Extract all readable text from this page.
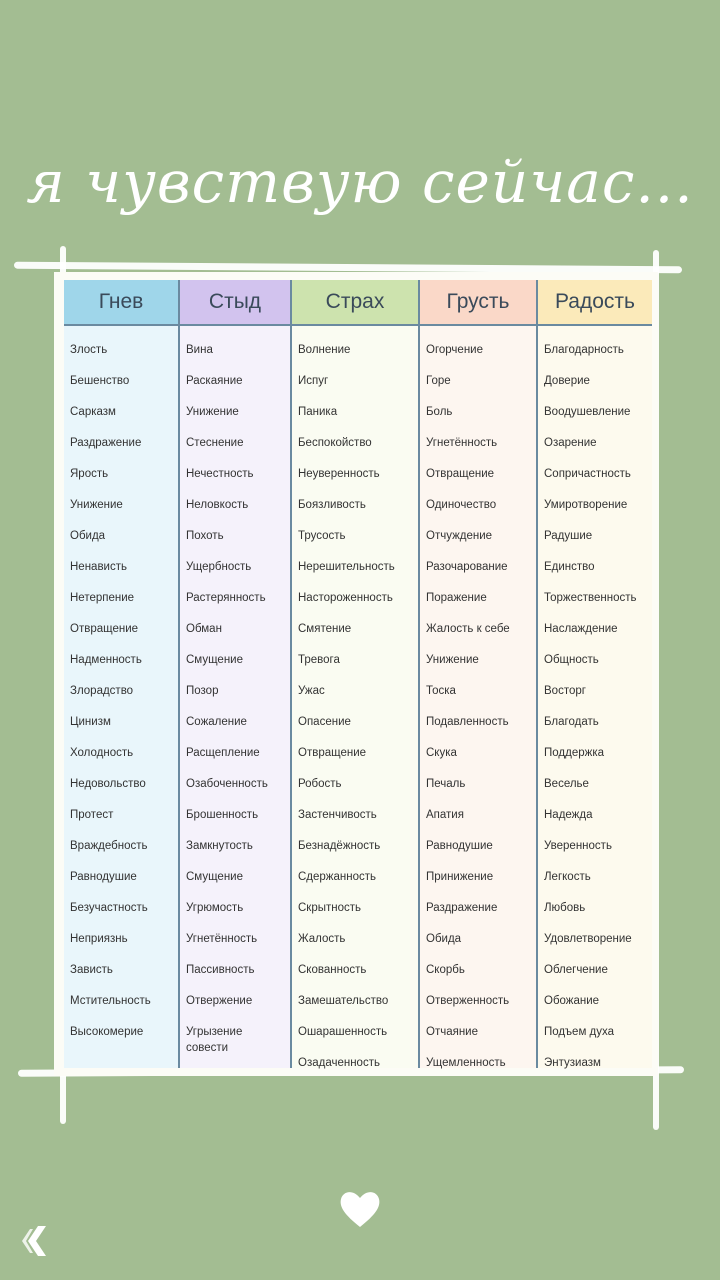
я чувствую сейчас...
Гнев
Злость
Бешенство
Сарказм
Раздражение
Ярость
Унижение
Обида
Ненависть
Нетерпение
Отвращение
Надменность
Злорадство
Цинизм
Холодность
Недовольство
Протест
Враждебность
Равнодушие
Безучастность
Неприязнь
Зависть
Мстительность
Высокомерие
Стыд
Вина
Раскаяние
Унижение
Стеснение
Нечестность
Неловкость
Похоть
Ущербность
Растерянность
Обман
Смущение
Позор
Сожаление
Расщепление
Озабоченность
Брошенность
Замкнутость
Смущение
Угрюмость
Угнетённость
Пассивность
Отвержение
Угрызение совести
Страх
Волнение
Испуг
Паника
Беспокойство
Неуверенность
Боязливость
Трусость
Нерешительность
Настороженность
Смятение
Тревога
Ужас
Опасение
Отвращение
Робость
Застенчивость
Безнадёжность
Сдержанность
Скрытность
Жалость
Скованность
Замешательство
Ошарашенность
Озадаченность
Грусть
Огорчение
Горе
Боль
Угнетённость
Отвращение
Одиночество
Отчуждение
Разочарование
Поражение
Жалость к себе
Унижение
Тоска
Подавленность
Скука
Печаль
Апатия
Равнодушие
Принижение
Раздражение
Обида
Скорбь
Отверженность
Отчаяние
Ущемленность
Радость
Благодарность
Доверие
Воодушевление
Озарение
Сопричастность
Умиротворение
Радушие
Единство
Торжественность
Наслаждение
Общность
Восторг
Благодать
Поддержка
Веселье
Надежда
Уверенность
Легкость
Любовь
Удовлетворение
Облегчение
Обожание
Подъем духа
Энтузиазм
